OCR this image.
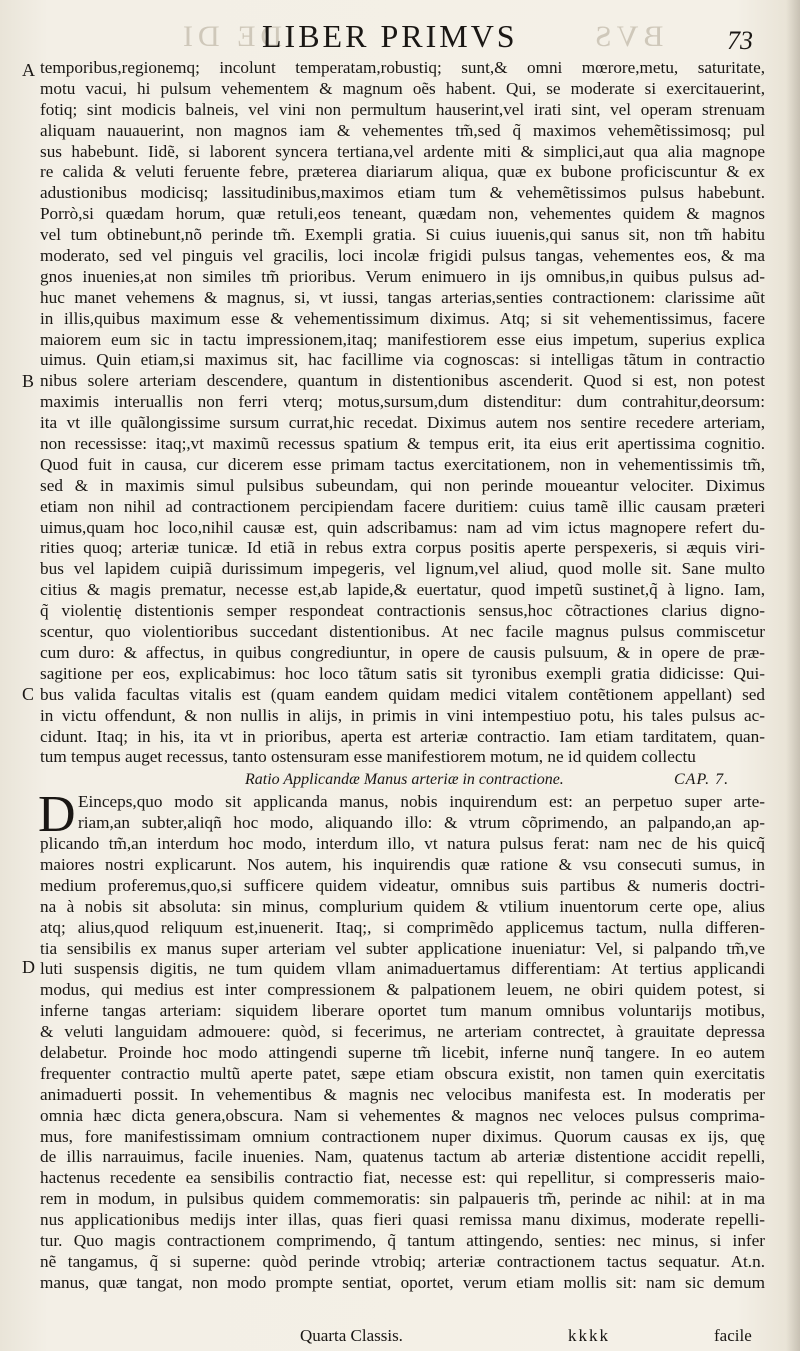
DE DI	BVS
LIBER PRIMVS	73
A
B
C
D
temporibus,regionemq; incolunt temperatam,robustiq; sunt,& omni mœrore,metu, saturitate,
motu vacui, hi pulsum vehementem & magnum oẽs habent. Qui, se moderate si exercitauerint,
fotiq; sint modicis balneis, vel vini non permultum hauserint,vel irati sint, vel operam strenuam
aliquam nauauerint, non magnos iam & vehementes tm̃,sed q̃ maximos vehemẽtissimosq; pul
sus habebunt. Iidẽ, si laborent syncera tertiana,vel ardente miti & simplici,aut qua alia magnope
re calida & veluti feruente febre, præterea diariarum aliqua, quæ ex bubone proficiscuntur & ex
adustionibus modicisq; lassitudinibus,maximos etiam tum & vehemẽtissimos pulsus habebunt.
Porrò,si quædam horum, quæ retuli,eos teneant, quædam non, vehementes quidem & magnos
vel tum obtinebunt,nõ perinde tm̃. Exempli gratia. Si cuius iuuenis,qui sanus sit, non tm̃ habitu
moderato, sed vel pinguis vel gracilis, loci incolæ frigidi pulsus tangas, vehementes eos, & ma
gnos inuenies,at non similes tm̃ prioribus. Verum enimuero in ijs omnibus,in quibus pulsus ad-
huc manet vehemens & magnus, si, vt iussi, tangas arterias,senties contractionem: clarissime aũt
in illis,quibus maximum esse & vehementissimum diximus. Atq; si sit vehementissimus, facere
maiorem eum sic in tactu impressionem,itaq; manifestiorem esse eius impetum, superius explica
uimus. Quin etiam,si maximus sit, hac facillime via cognoscas: si intelligas tãtum in contractio
nibus solere arteriam descendere, quantum in distentionibus ascenderit. Quod si est, non potest
maximis interuallis non ferri vterq; motus,sursum,dum distenditur: dum contrahitur,deorsum:
ita vt ille quãlongissime sursum currat,hic recedat. Diximus autem nos sentire recedere arteriam,
non recessisse: itaq;,vt maximũ recessus spatium & tempus erit, ita eius erit apertissima cognitio.
Quod fuit in causa, cur dicerem esse primam tactus exercitationem, non in vehementissimis tm̃,
sed & in maximis simul pulsibus subeundam, qui non perinde moueantur velociter. Diximus
etiam non nihil ad contractionem percipiendam facere duritiem: cuius tamẽ illic causam præteri
uimus,quam hoc loco,nihil causæ est, quin adscribamus: nam ad vim ictus magnopere refert du-
rities quoq; arteriæ tunicæ. Id etiã in rebus extra corpus positis aperte perspexeris, si æquis viri-
bus vel lapidem cuipiã durissimum impegeris, vel lignum,vel aliud, quod molle sit. Sane multo
citius & magis prematur, necesse est,ab lapide,& euertatur, quod impetũ sustinet,q̃ à ligno. Iam,
q̃ violentię distentionis semper respondeat contractionis sensus,hoc cõtractiones clarius digno-
scentur, quo violentioribus succedant distentionibus. At nec facile magnus pulsus commiscetur
cum duro: & affectus, in quibus congrediuntur, in opere de causis pulsuum, & in opere de præ-
sagitione per eos, explicabimus: hoc loco tãtum satis sit tyronibus exempli gratia didicisse: Qui-
bus valida facultas vitalis est (quam eandem quidam medici vitalem contẽtionem appellant) sed
in victu offendunt, & non nullis in alijs, in primis in vini intempestiuo potu, his tales pulsus ac-
cidunt. Itaq; in his, ita vt in prioribus, aperta est arteriæ contractio. Iam etiam tarditatem, quan-
tum tempus auget recessus, tanto ostensuram esse manifestiorem motum, ne id quidem collectu
Ratio Applicandæ Manus arteriæ in contractione.	CAP. 7.
D Einceps,quo modo sit applicanda manus, nobis inquirendum est: an perpetuo super arte-
riam,an subter,aliqñ hoc modo, aliquando illo: & vtrum cõprimendo, an palpando,an ap-
plicando tm̃,an interdum hoc modo, interdum illo, vt natura pulsus ferat: nam nec de his quicq̃
maiores nostri explicarunt. Nos autem, his inquirendis quæ ratione & vsu consecuti sumus, in
medium proferemus,quo,si sufficere quidem videatur, omnibus suis partibus & numeris doctri-
na à nobis sit absoluta: sin minus, complurium quidem & vtilium inuentorum certe ope, alius
atq; alius,quod reliquum est,inuenerit. Itaq;, si comprimẽdo applicemus tactum, nulla differen-
tia sensibilis ex manus super arteriam vel subter applicatione inueniatur: Vel, si palpando tm̃,ve
luti suspensis digitis, ne tum quidem vllam animaduertamus differentiam: At tertius applicandi
modus, qui medius est inter compressionem & palpationem leuem, ne obiri quidem potest, si
inferne tangas arteriam: siquidem liberare oportet tum manum omnibus voluntarijs motibus,
& veluti languidam admouere: quòd, si fecerimus, ne arteriam contrectet, à grauitate depressa
delabetur. Proinde hoc modo attingendi superne tm̃ licebit, inferne nunq̃ tangere. In eo autem
frequenter contractio multũ aperte patet, sæpe etiam obscura existit, non tamen quin exercitatis
animaduerti possit. In vehementibus & magnis nec velocibus manifesta est. In moderatis per
omnia hæc dicta genera,obscura. Nam si vehementes & magnos nec veloces pulsus comprima-
mus, fore manifestissimam omnium contractionem nuper diximus. Quorum causas ex ijs, quę
de illis narrauimus, facile inuenies. Nam, quatenus tactum ab arteriæ distentione accidit repelli,
hactenus recedente ea sensibilis contractio fiat, necesse est: qui repellitur, si compresseris maio-
rem in modum, in pulsibus quidem commemoratis: sin palpaueris tm̃, perinde ac nihil: at in ma
nus applicationibus medijs inter illas, quas fieri quasi remissa manu diximus, moderate repelli-
tur. Quo magis contractionem comprimendo, q̃ tantum attingendo, senties: nec minus, si infer
nẽ tangamus, q̃ si superne: quòd perinde vtrobiq; arteriæ contractionem tactus sequatur. At.n.
manus, quæ tangat, non modo prompte sentiat, oportet, verum etiam mollis sit: nam sic demum
Quarta Classis.	kkkk	facile
